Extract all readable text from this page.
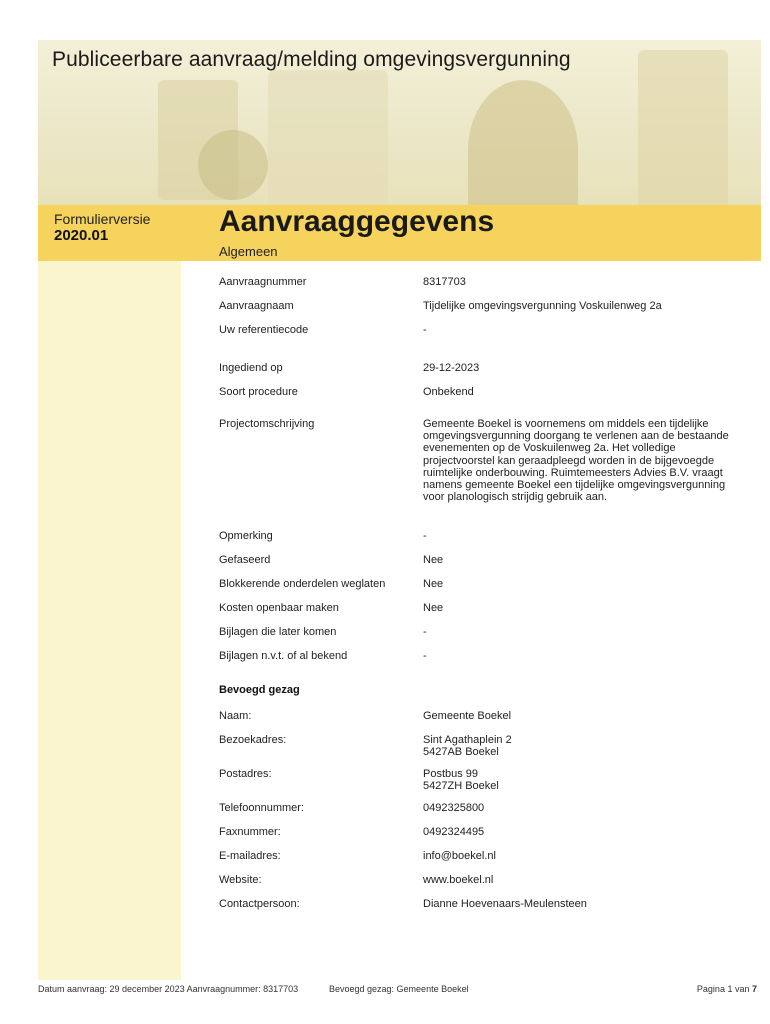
Publiceerbare aanvraag/melding omgevingsvergunning
Formulierversie
2020.01	Aanvraaggegevens
Algemeen
Aanvraagnummer	8317703
Aanvraagnaam	Tijdelijke omgevingsvergunning Voskuilenweg 2a
Uw referentiecode	-
Ingediend op	29-12-2023
Soort procedure	Onbekend
Projectomschrijving	Gemeente Boekel is voornemens om middels een tijdelijke omgevingsvergunning doorgang te verlenen aan de bestaande evenementen op de Voskuilenweg 2a. Het volledige projectvoorstel kan geraadpleegd worden in de bijgevoegde ruimtelijke onderbouwing. Ruimtemeesters Advies B.V. vraagt namens gemeente Boekel een tijdelijke omgevingsvergunning voor planologisch strijdig gebruik aan.
Opmerking	-
Gefaseerd	Nee
Blokkerende onderdelen weglaten	Nee
Kosten openbaar maken	Nee
Bijlagen die later komen	-
Bijlagen n.v.t. of al bekend	-
Bevoegd gezag
Naam:	Gemeente Boekel
Bezoekadres:	Sint Agathaplein 2
5427AB Boekel
Postadres:	Postbus 99
5427ZH Boekel
Telefoonnummer:	0492325800
Faxnummer:	0492324495
E-mailadres:	info@boekel.nl
Website:	www.boekel.nl
Contactpersoon:	Dianne Hoevenaars-Meulensteen
Datum aanvraag: 29 december 2023 Aanvraagnummer: 8317703	Bevoegd gezag: Gemeente Boekel	Pagina 1 van 7
